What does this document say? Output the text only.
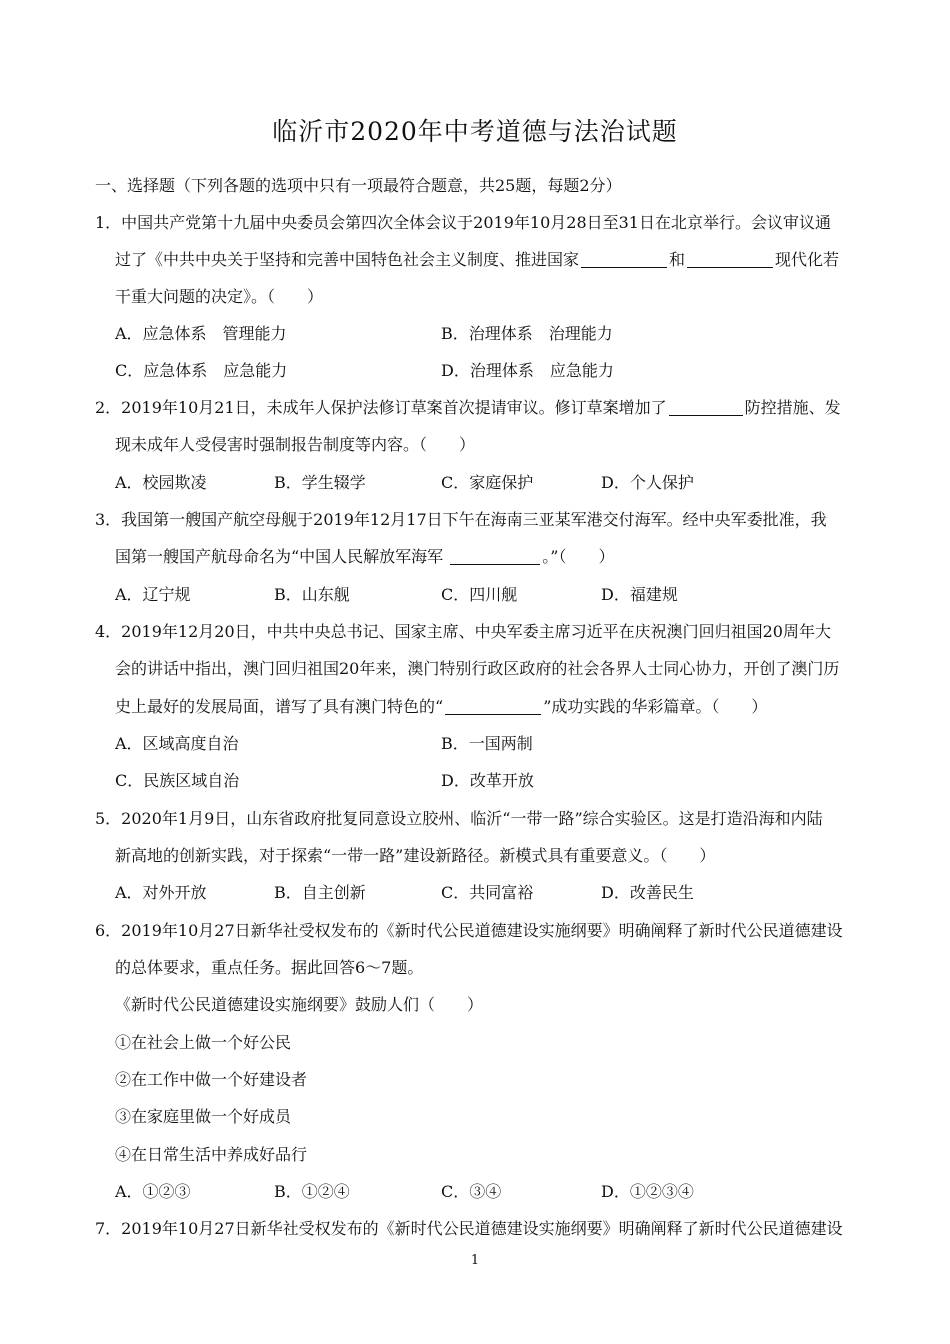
临沂市2020年中考道德与法治试题
一、选择题（下列各题的选项中只有一项最符合题意，共25题，每题2分）
1．中国共产党第十九届中央委员会第四次全体会议于2019年10月28日至31日在北京举行。会议审议通
过了《中共中央关于坚持和完善中国特色社会主义制度、推进国家	和	现代化若
干重大问题的决定》。（　　）
A．应急体系　管理能力	B．治理体系　治理能力
C．应急体系　应急能力	D．治理体系　应急能力
2．2019年10月21日，未成年人保护法修订草案首次提请审议。修订草案增加了	防控措施、发
现未成年人受侵害时强制报告制度等内容。（　　）
A．校园欺凌	B．学生辍学	C．家庭保护	D．个人保护
3．我国第一艘国产航空母舰于2019年12月17日下午在海南三亚某军港交付海军。经中央军委批准，我
国第一艘国产航母命名为“中国人民解放军海军	。”（　　）
A．辽宁规	B．山东舰	C．四川舰	D．福建规
4．2019年12月20日，中共中央总书记、国家主席、中央军委主席习近平在庆祝澳门回归祖国20周年大
会的讲话中指出，澳门回归祖国20年来，澳门特别行政区政府的社会各界人士同心协力，开创了澳门历
史上最好的发展局面，谱写了具有澳门特色的“	”成功实践的华彩篇章。（　　）
A．区域高度自治	B．一国两制
C．民族区域自治	D．改革开放
5．2020年1月9日，山东省政府批复同意设立胶州、临沂“一带一路”综合实验区。这是打造沿海和内陆
新高地的创新实践，对于探索“一带一路”建设新路径。新模式具有重要意义。（　　）
A．对外开放	B．自主创新	C．共同富裕	D．改善民生
6．2019年10月27日新华社受权发布的《新时代公民道德建设实施纲要》明确阐释了新时代公民道德建设
的总体要求，重点任务。据此回答6～7题。
《新时代公民道德建设实施纲要》鼓励人们（　　）
①在社会上做一个好公民
②在工作中做一个好建设者
③在家庭里做一个好成员
④在日常生活中养成好品行
A．①②③	B．①②④	C．③④	D．①②③④
7．2019年10月27日新华社受权发布的《新时代公民道德建设实施纲要》明确阐释了新时代公民道德建设
1
